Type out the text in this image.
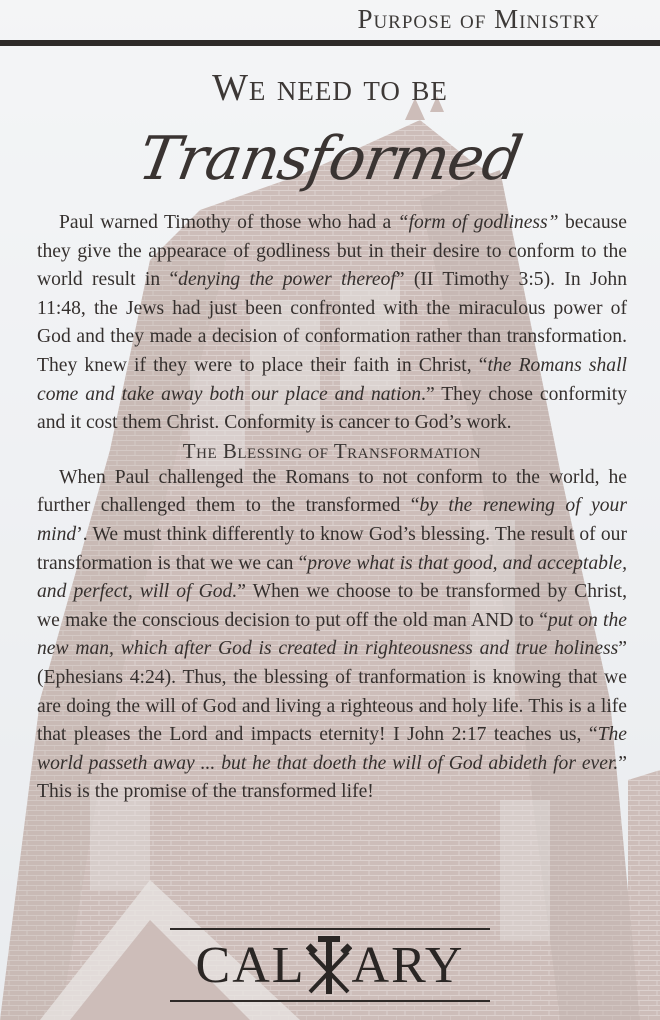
Purpose of Ministry
We need to be
Transformed

Paul warned Timothy of those who had a “form of godliness” because they give the appearace of godliness but in their desire to conform to the world result in “denying the power thereof” (II Timothy 3:5). In John 11:48, the Jews had just been confronted with the miraculous power of God and they made a decision of conformation rather than transformation. They knew if they were to place their faith in Christ, “the Romans shall come and take away both our place and nation.” They chose conformity and it cost them Christ. Conformity is cancer to God’s work.

The Blessing of Transformation

When Paul challenged the Romans to not conform to the world, he further challenged them to the transformed “by the renewing of your mind’. We must think differently to know God’s blessing. The result of our transformation is that we we can “prove what is that good, and acceptable, and perfect, will of God.” When we choose to be transformed by Christ, we make the conscious decision to put off the old man AND to “put on the new man, which after God is created in righteousness and true holiness” (Ephesians 4:24). Thus, the blessing of tranformation is knowing that we are doing the will of God and living a righteous and holy life. This is a life that pleases the Lord and impacts eternity! I John 2:17 teaches us, “The world passeth away ... but he that doeth the will of God abideth for ever.” This is the promise of the transformed life!

CAL ARY
